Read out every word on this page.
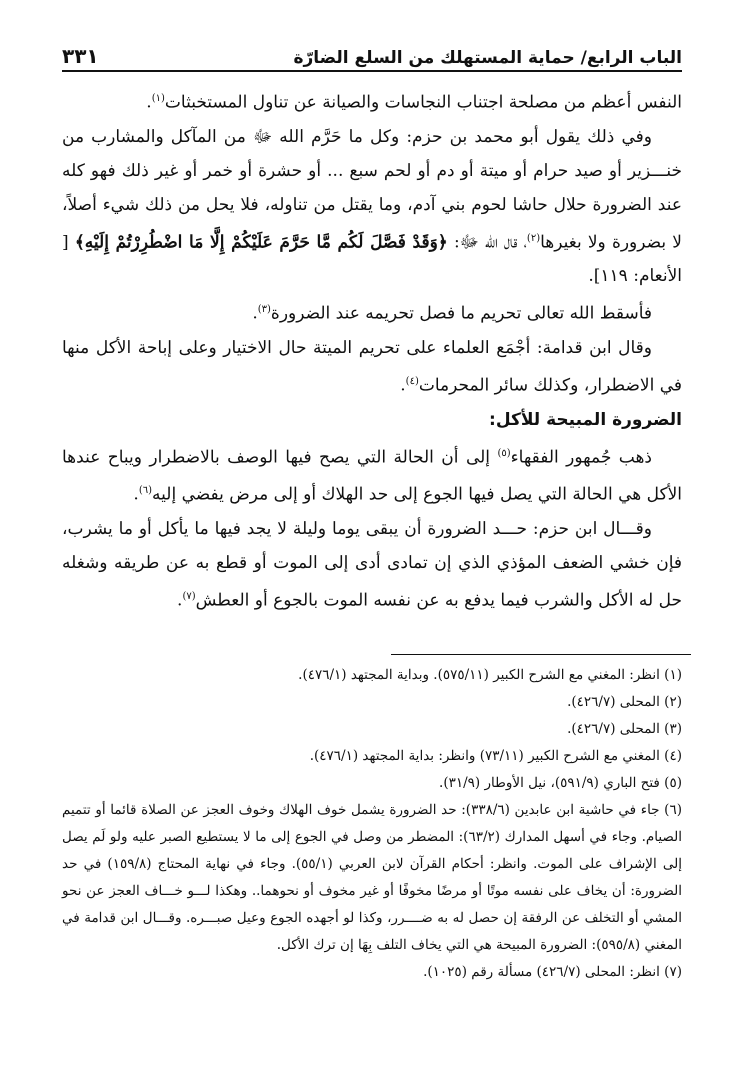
الباب الرابع/ حماية المستهلك من السلع الضارّة
٣٣١

النفس أعظم من مصلحة اجتناب النجاسات والصيانة عن تناول المستخبثات$^{(١)}$.

وفي ذلك يقول أبو محمد بن حزم: وكل ما حَرَّم الله ﷻ من المآكل والمشارب من خنـــزير أو صيد حرام أو ميتة أو دم أو لحم سبع ... أو حشرة أو خمر أو غير ذلك فهو كله عند الضرورة حلال حاشا لحوم بني آدم، وما يقتل من تناوله، فلا يحل من ذلك شيء أصلاً، لا بضرورة ولا بغيرها$^{(٢)}$، قال الله ﷻ: ﴿وَقَدْ فَصَّلَ لَكُم مَّا حَرَّمَ عَلَيْكُمْ إِلَّا مَا اضْطُرِرْتُمْ إِلَيْهِ﴾ [ الأنعام: ١١٩].

فأسقط الله تعالى تحريم ما فصل تحريمه عند الضرورة$^{(٣)}$.

وقال ابن قدامة: أجْمَع العلماء على تحريم الميتة حال الاختيار وعلى إباحة الأكل منها في الاضطرار، وكذلك سائر المحرمات$^{(٤)}$.

الضرورة المبيحة للأكل:

ذهب جُمهور الفقهاء$^{(٥)}$ إلى أن الحالة التي يصح فيها الوصف بالاضطرار ويباح عندها الأكل هي الحالة التي يصل فيها الجوع إلى حد الهلاك أو إلى مرض يفضي إليه$^{(٦)}$.

وقـــال ابن حزم: حـــد الضرورة أن يبقى يوما وليلة لا يجد فيها ما يأكل أو ما يشرب، فإن خشي الضعف المؤذي الذي إن تمادى أدى إلى الموت أو قطع به عن طريقه وشغله حل له الأكل والشرب فيما يدفع به عن نفسه الموت بالجوع أو العطش$^{(٧)}$.

(١) انظر: المغني مع الشرح الكبير (٥٧٥/١١). وبداية المجتهد (٤٧٦/١).

(٢) المحلى (٤٢٦/٧).

(٣) المحلى (٤٢٦/٧).

(٤) المغني مع الشرح الكبير (٧٣/١١) وانظر: بداية المجتهد (٤٧٦/١).

(٥) فتح الباري (٥٩١/٩)، نيل الأوطار (٣١/٩).

(٦) جاء في حاشية ابن عابدين (٣٣٨/٦): حد الضرورة يشمل خوف الهلاك وخوف العجز عن الصلاة قائما أو تتميم الصيام. وجاء في أسهل المدارك (٦٣/٢): المضطر من وصل في الجوع إلى ما لا يستطيع الصبر عليه ولو لَم يصل إلى الإشراف على الموت. وانظر: أحكام القرآن لابن العربي (٥٥/١). وجاء في نهاية المحتاج (١٥٩/٨) في حد الضرورة: أن يخاف على نفسه موتًا أو مرضًا مخوفًا أو غير مخوف أو نحوهما.. وهكذا لـــو خـــاف العجز عن نحو المشي أو التخلف عن الرفقة إن حصل له به ضــــرر، وكذا لو أجهده الجوع وعيل صبـــره. وقـــال ابن قدامة في المغني (٥٩٥/٨): الضرورة المبيحة هي التي يخاف التلف بِهَا إن ترك الأكل.

(٧) انظر: المحلى (٤٢٦/٧) مسألة رقم (١٠٢٥).
